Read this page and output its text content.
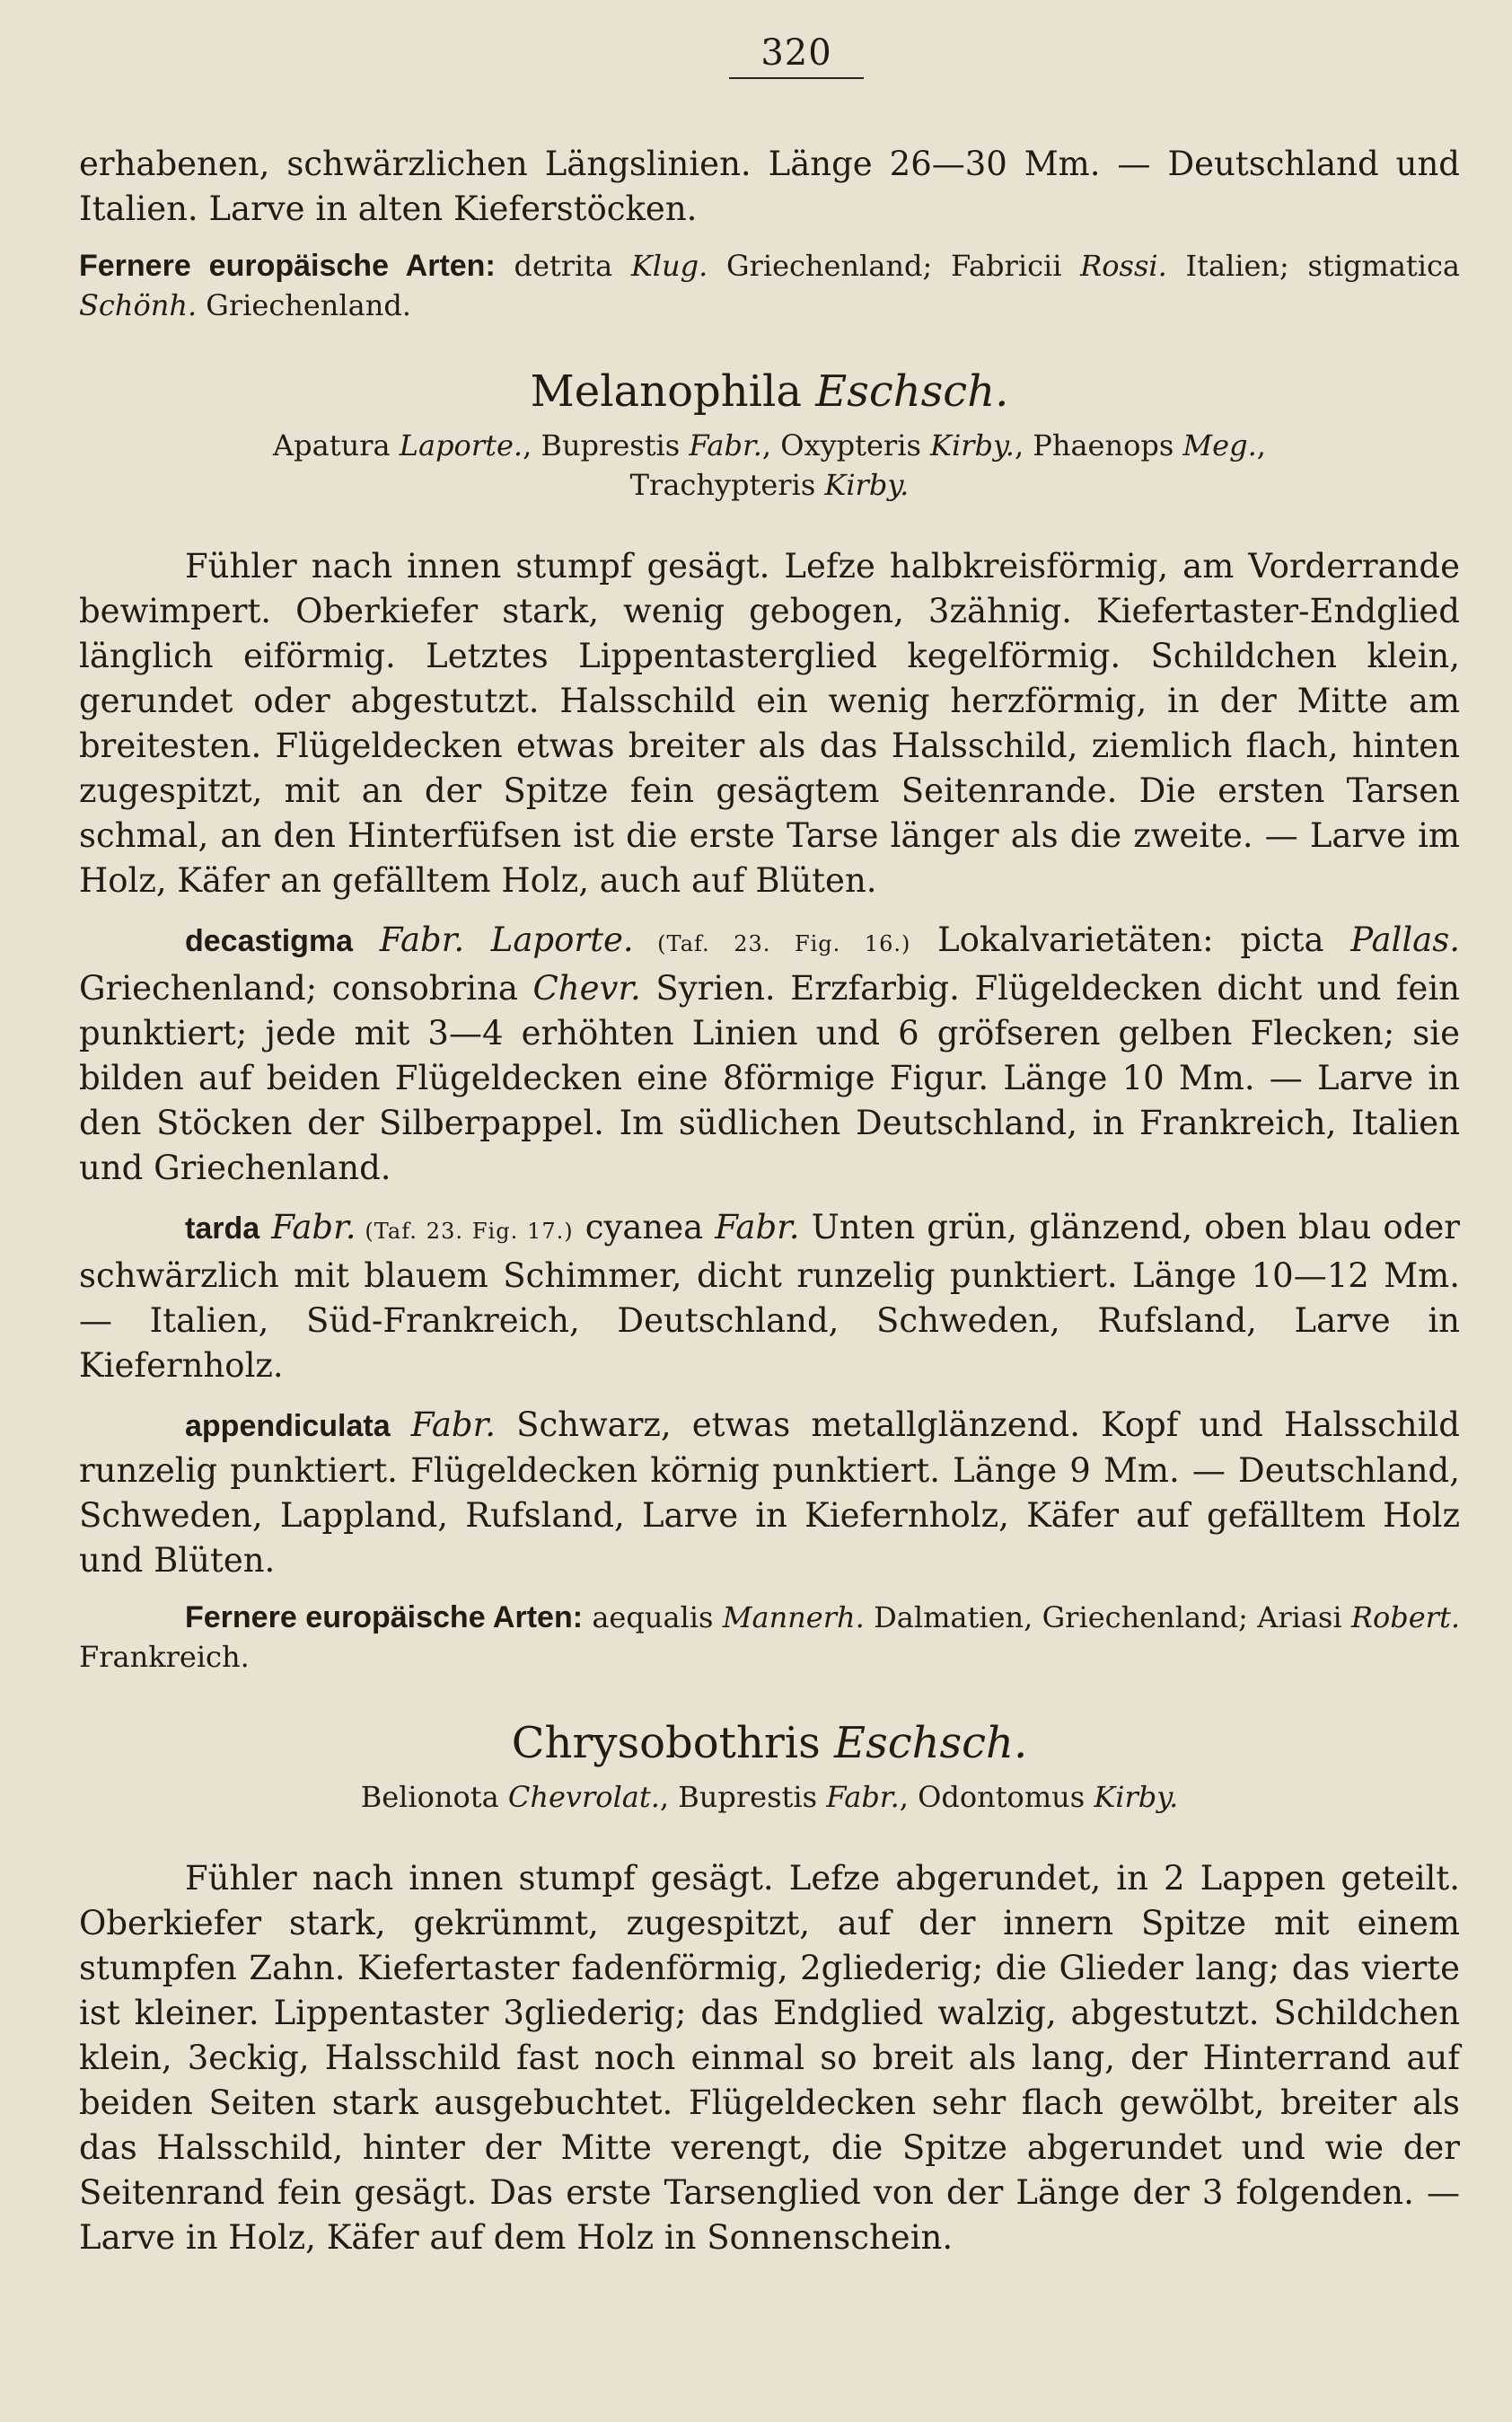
320

erhabenen, schwärzlichen Längslinien. Länge 26—30 Mm. — Deutschland und Italien. Larve in alten Kieferstöcken.

Fernere europäische Arten: detrita Klug. Griechenland; Fabricii Rossi. Italien; stigmatica Schönh. Griechenland.

Melanophila Eschsch.
Apatura Laporte., Buprestis Fabr., Oxypteris Kirby., Phaenops Meg., Trachypteris Kirby.

Fühler nach innen stumpf gesägt. Lefze halbkreisförmig, am Vorderrande bewimpert. Oberkiefer stark, wenig gebogen, 3zähnig. Kiefertaster-Endglied länglich eiförmig. Letztes Lippentasterglied kegelförmig. Schildchen klein, gerundet oder abgestutzt. Halsschild ein wenig herzförmig, in der Mitte am breitesten. Flügeldecken etwas breiter als das Halsschild, ziemlich flach, hinten zugespitzt, mit an der Spitze fein gesägtem Seitenrande. Die ersten Tarsen schmal, an den Hinterfüfsen ist die erste Tarse länger als die zweite. — Larve im Holz, Käfer an gefälltem Holz, auch auf Blüten.

decastigma Fabr. Laporte. (Taf. 23. Fig. 16.) Lokalvarietäten: picta Pallas. Griechenland; consobrina Chevr. Syrien. Erzfarbig. Flügeldecken dicht und fein punktiert; jede mit 3—4 erhöhten Linien und 6 gröfseren gelben Flecken; sie bilden auf beiden Flügeldecken eine 8förmige Figur. Länge 10 Mm. — Larve in den Stöcken der Silberpappel. Im südlichen Deutschland, in Frankreich, Italien und Griechenland.

tarda Fabr. (Taf. 23. Fig. 17.) cyanea Fabr. Unten grün, glänzend, oben blau oder schwärzlich mit blauem Schimmer, dicht runzelig punktiert. Länge 10—12 Mm. — Italien, Süd-Frankreich, Deutschland, Schweden, Rufsland, Larve in Kiefernholz.

appendiculata Fabr. Schwarz, etwas metallglänzend. Kopf und Halsschild runzelig punktiert. Flügeldecken körnig punktiert. Länge 9 Mm. — Deutschland, Schweden, Lappland, Rufsland, Larve in Kiefernholz, Käfer auf gefälltem Holz und Blüten.

Fernere europäische Arten: aequalis Mannerh. Dalmatien, Griechenland; Ariasi Robert. Frankreich.

Chrysobothris Eschsch.
Belionota Chevrolat., Buprestis Fabr., Odontomus Kirby.

Fühler nach innen stumpf gesägt. Lefze abgerundet, in 2 Lappen geteilt. Oberkiefer stark, gekrümmt, zugespitzt, auf der innern Spitze mit einem stumpfen Zahn. Kiefertaster fadenförmig, 2gliederig; die Glieder lang; das vierte ist kleiner. Lippentaster 3gliederig; das Endglied walzig, abgestutzt. Schildchen klein, 3eckig, Halsschild fast noch einmal so breit als lang, der Hinterrand auf beiden Seiten stark ausgebuchtet. Flügeldecken sehr flach gewölbt, breiter als das Halsschild, hinter der Mitte verengt, die Spitze abgerundet und wie der Seitenrand fein gesägt. Das erste Tarsenglied von der Länge der 3 folgenden. — Larve in Holz, Käfer auf dem Holz in Sonnenschein.
